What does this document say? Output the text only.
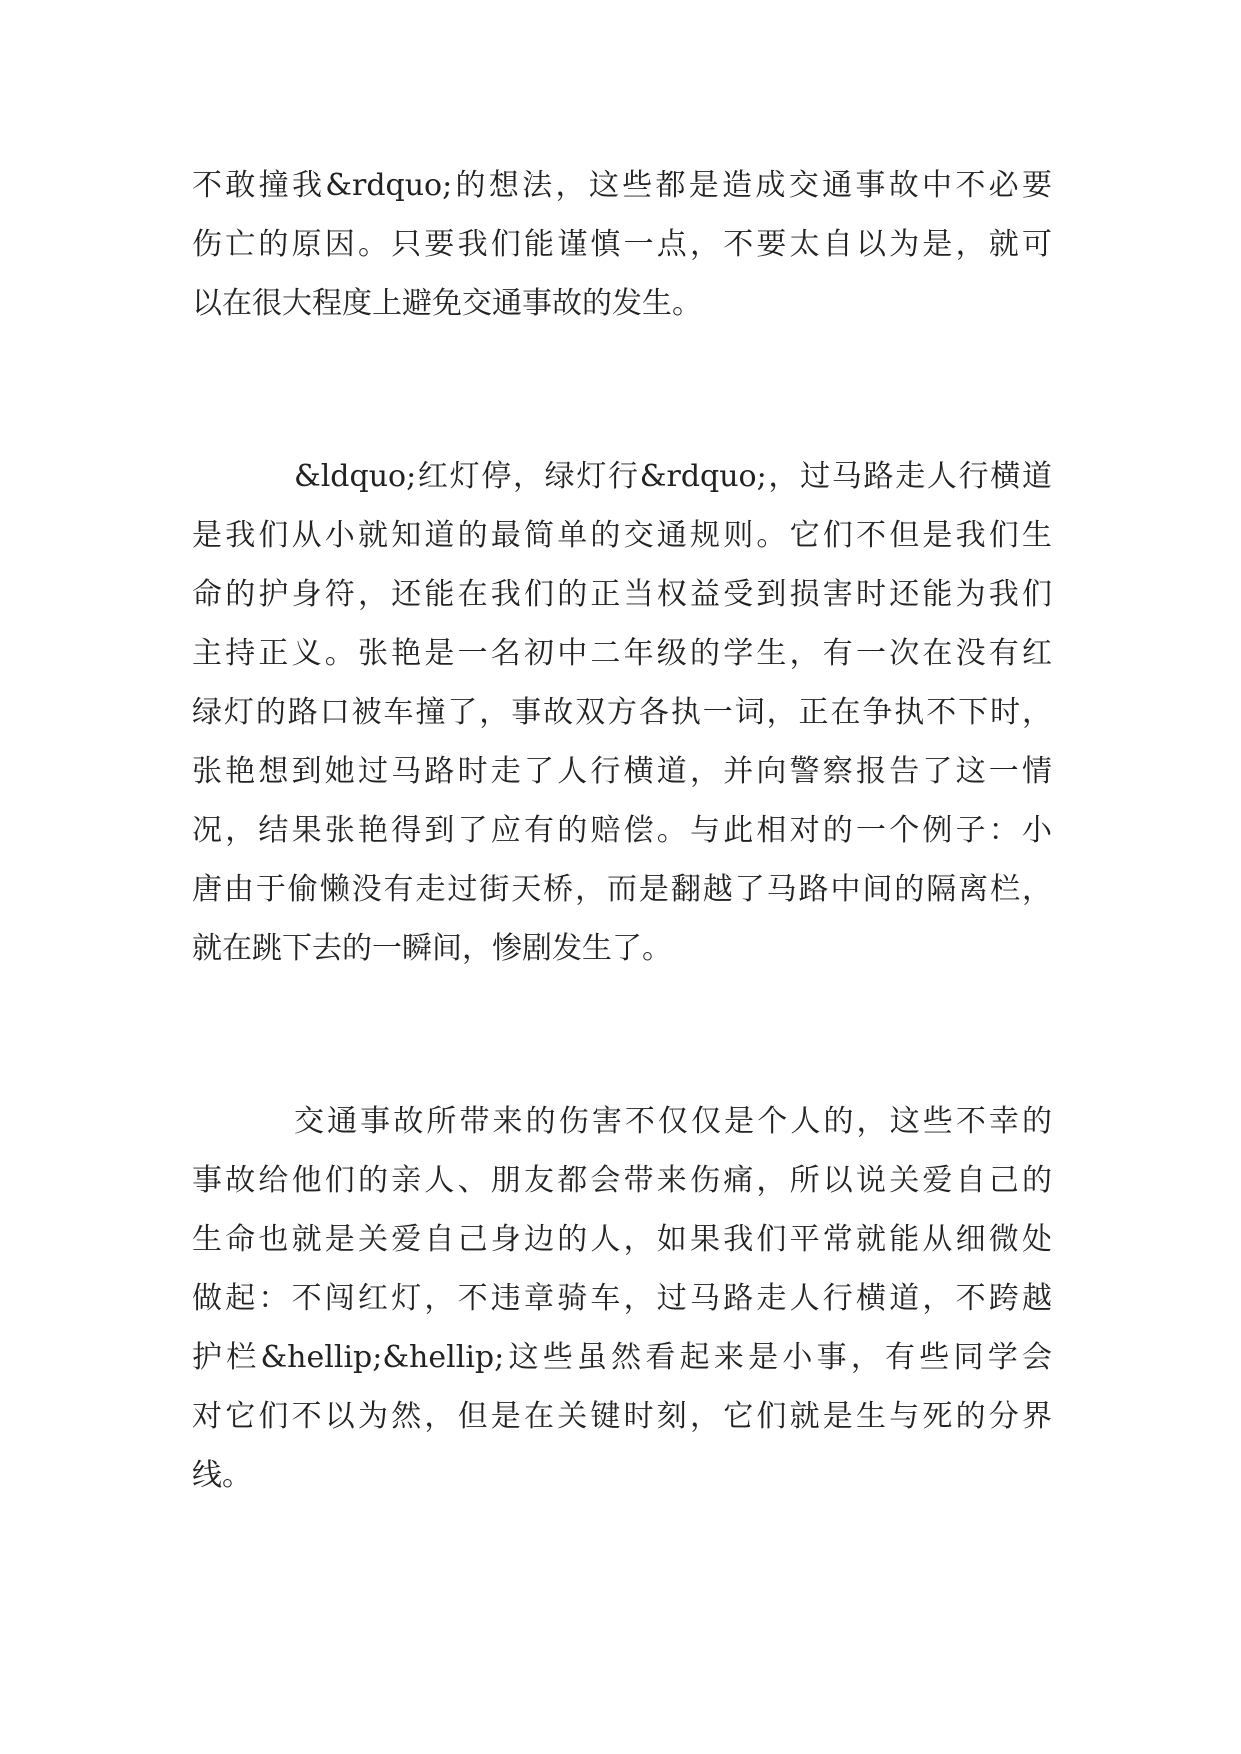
不敢撞我&rdquo;的想法，这些都是造成交通事故中不必要
伤亡的原因。只要我们能谨慎一点，不要太自以为是，就可
以在很大程度上避免交通事故的发生。
&ldquo;红灯停，绿灯行&rdquo;，过马路走人行横道
是我们从小就知道的最简单的交通规则。它们不但是我们生
命的护身符，还能在我们的正当权益受到损害时还能为我们
主持正义。张艳是一名初中二年级的学生，有一次在没有红
绿灯的路口被车撞了，事故双方各执一词，正在争执不下时，
张艳想到她过马路时走了人行横道，并向警察报告了这一情
况，结果张艳得到了应有的赔偿。与此相对的一个例子：小
唐由于偷懒没有走过街天桥，而是翻越了马路中间的隔离栏，
就在跳下去的一瞬间，惨剧发生了。
交通事故所带来的伤害不仅仅是个人的，这些不幸的
事故给他们的亲人、朋友都会带来伤痛，所以说关爱自己的
生命也就是关爱自己身边的人，如果我们平常就能从细微处
做起：不闯红灯，不违章骑车，过马路走人行横道，不跨越
护栏&hellip;&hellip;这些虽然看起来是小事，有些同学会
对它们不以为然，但是在关键时刻，它们就是生与死的分界
线。
